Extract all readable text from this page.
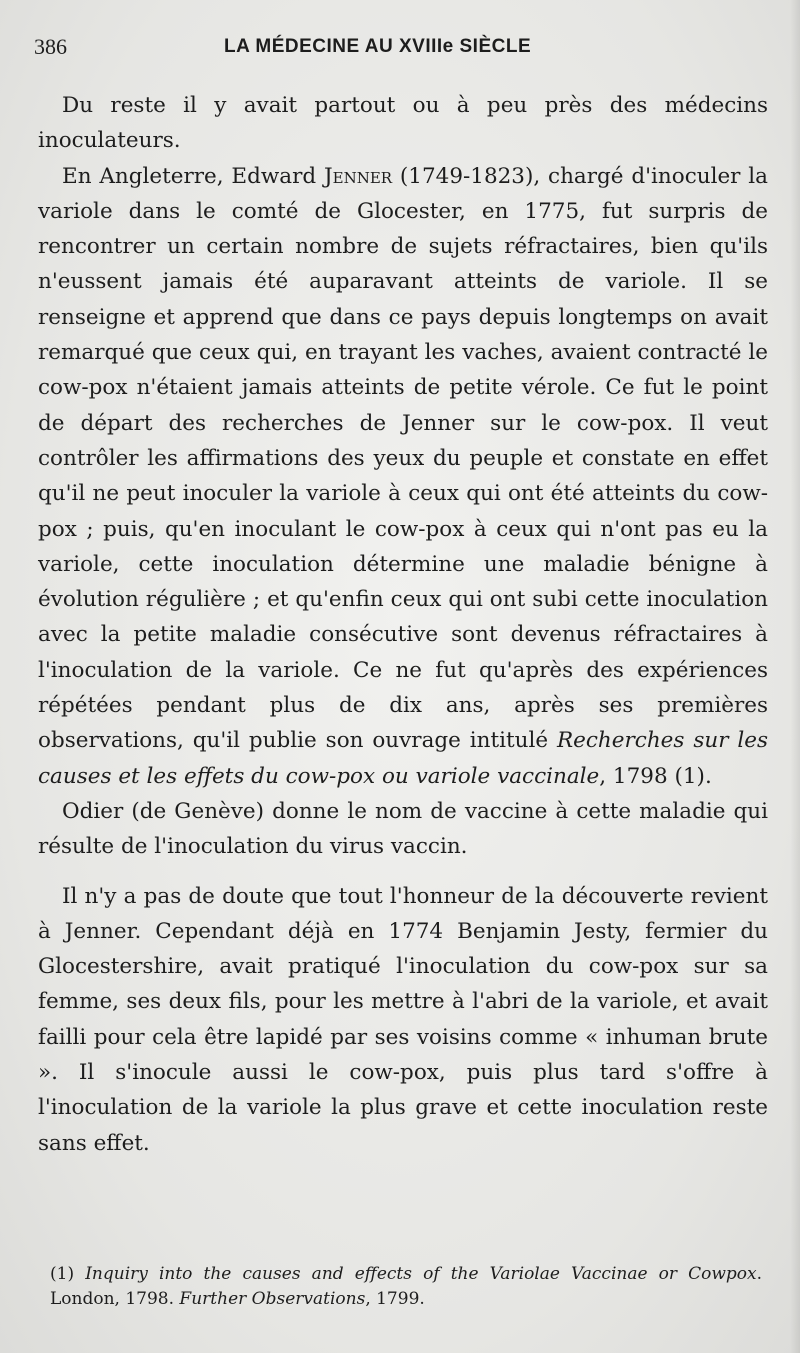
386	LA MÉDECINE AU XVIIIe SIÈCLE

Du reste il y avait partout ou à peu près des médecins inoculateurs.

En Angleterre, Edward Jenner (1749-1823), chargé d'inoculer la variole dans le comté de Glocester, en 1775, fut surpris de rencontrer un certain nombre de sujets réfractaires, bien qu'ils n'eussent jamais été auparavant atteints de variole. Il se renseigne et apprend que dans ce pays depuis longtemps on avait remarqué que ceux qui, en trayant les vaches, avaient contracté le cow-pox n'étaient jamais atteints de petite vérole. Ce fut le point de départ des recherches de Jenner sur le cow-pox. Il veut contrôler les affirmations des yeux du peuple et constate en effet qu'il ne peut inoculer la variole à ceux qui ont été atteints du cow-pox ; puis, qu'en inoculant le cow-pox à ceux qui n'ont pas eu la variole, cette inoculation détermine une maladie bénigne à évolution régulière ; et qu'enfin ceux qui ont subi cette inoculation avec la petite maladie consécutive sont devenus réfractaires à l'inoculation de la variole. Ce ne fut qu'après des expériences répétées pendant plus de dix ans, après ses premières observations, qu'il publie son ouvrage intitulé Recherches sur les causes et les effets du cow-pox ou variole vaccinale, 1798 (1).

Odier (de Genève) donne le nom de vaccine à cette maladie qui résulte de l'inoculation du virus vaccin.

Il n'y a pas de doute que tout l'honneur de la découverte revient à Jenner. Cependant déjà en 1774 Benjamin Jesty, fermier du Glocestershire, avait pratiqué l'inoculation du cow-pox sur sa femme, ses deux fils, pour les mettre à l'abri de la variole, et avait failli pour cela être lapidé par ses voisins comme « inhuman brute ». Il s'inocule aussi le cow-pox, puis plus tard s'offre à l'inoculation de la variole la plus grave et cette inoculation reste sans effet.

(1) Inquiry into the causes and effects of the Variolae Vaccinae or Cowpox. London, 1798. Further Observations, 1799.
